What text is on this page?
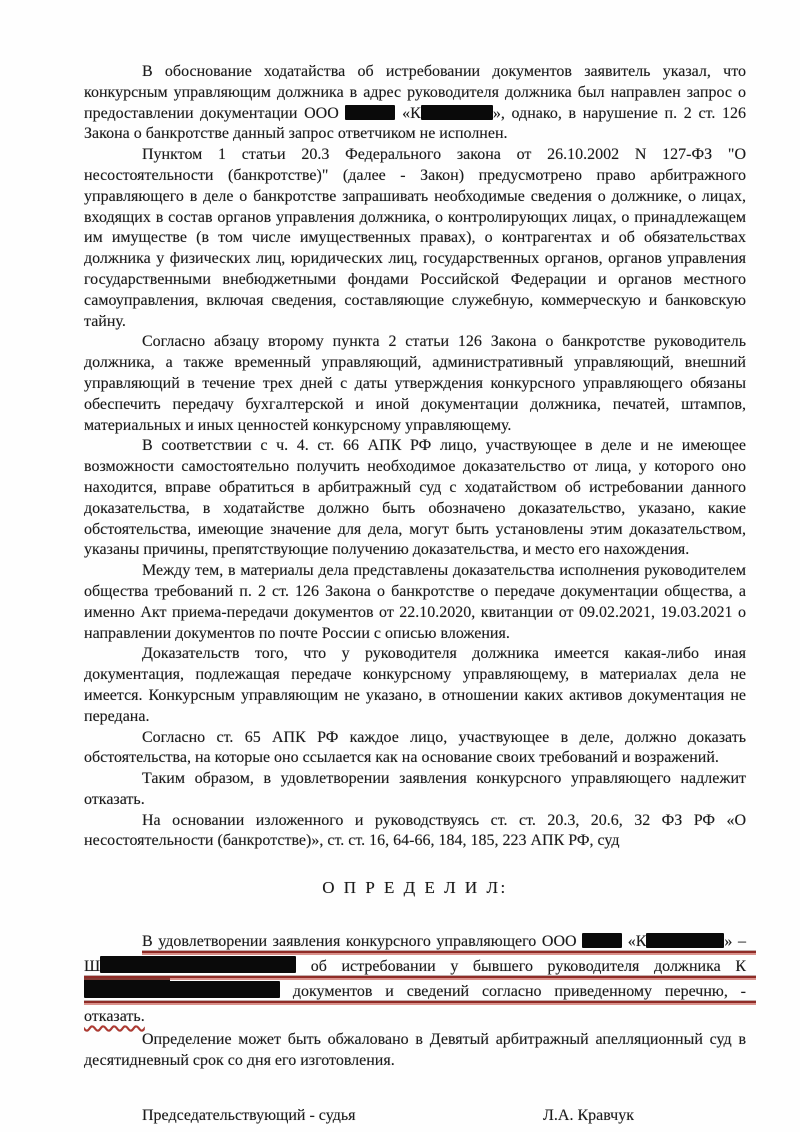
В обоснование ходатайства об истребовании документов заявитель указал, что конкурсным управляющим должника в адрес руководителя должника был направлен запрос о предоставлении документации ООО	«К	», однако, в нарушение п. 2 ст. 126 Закона о банкротстве данный запрос ответчиком не исполнен.

Пунктом 1 статьи 20.3 Федерального закона от 26.10.2002 N 127-ФЗ "О несостоятельности (банкротстве)" (далее - Закон) предусмотрено право арбитражного управляющего в деле о банкротстве запрашивать необходимые сведения о должнике, о лицах, входящих в состав органов управления должника, о контролирующих лицах, о принадлежащем им имуществе (в том числе имущественных правах), о контрагентах и об обязательствах должника у физических лиц, юридических лиц, государственных органов, органов управления государственными внебюджетными фондами Российской Федерации и органов местного самоуправления, включая сведения, составляющие служебную, коммерческую и банковскую тайну.

Согласно абзацу второму пункта 2 статьи 126 Закона о банкротстве руководитель должника, а также временный управляющий, административный управляющий, внешний управляющий в течение трех дней с даты утверждения конкурсного управляющего обязаны обеспечить передачу бухгалтерской и иной документации должника, печатей, штампов, материальных и иных ценностей конкурсному управляющему.

В соответствии с ч. 4. ст. 66 АПК РФ лицо, участвующее в деле и не имеющее возможности самостоятельно получить необходимое доказательство от лица, у которого оно находится, вправе обратиться в арбитражный суд с ходатайством об истребовании данного доказательства, в ходатайстве должно быть обозначено доказательство, указано, какие обстоятельства, имеющие значение для дела, могут быть установлены этим доказательством, указаны причины, препятствующие получению доказательства, и место его нахождения.

Между тем, в материалы дела представлены доказательства исполнения руководителем общества требований п. 2 ст. 126 Закона о банкротстве о передаче документации общества, а именно Акт приема-передачи документов от 22.10.2020, квитанции от 09.02.2021, 19.03.2021 о направлении документов по почте России с описью вложения.

Доказательств того, что у руководителя должника имеется какая-либо иная документация, подлежащая передаче конкурсному управляющему, в материалах дела не имеется. Конкурсным управляющим не указано, в отношении каких активов документация не передана.

Согласно ст. 65 АПК РФ каждое лицо, участвующее в деле, должно доказать обстоятельства, на которые оно ссылается как на основание своих требований и возражений.

Таким образом, в удовлетворении заявления конкурсного управляющего надлежит отказать.

На основании изложенного и руководствуясь ст. ст. 20.3, 20.6, 32 ФЗ РФ «О несостоятельности (банкротстве)», ст. ст. 16, 64-66, 184, 185, 223 АПК РФ, суд

О П Р Е Д Е Л И Л:
В удовлетворении заявления конкурсного управляющего ООО	«К	» –
Ш	об истребовании у бывшего руководителя должника К
документов и сведений согласно приведенному перечню, -
отказать.

Определение может быть обжаловано в Девятый арбитражный апелляционный суд в десятидневный срок со дня его изготовления.

Председательствующий - судья	Л.А. Кравчук
